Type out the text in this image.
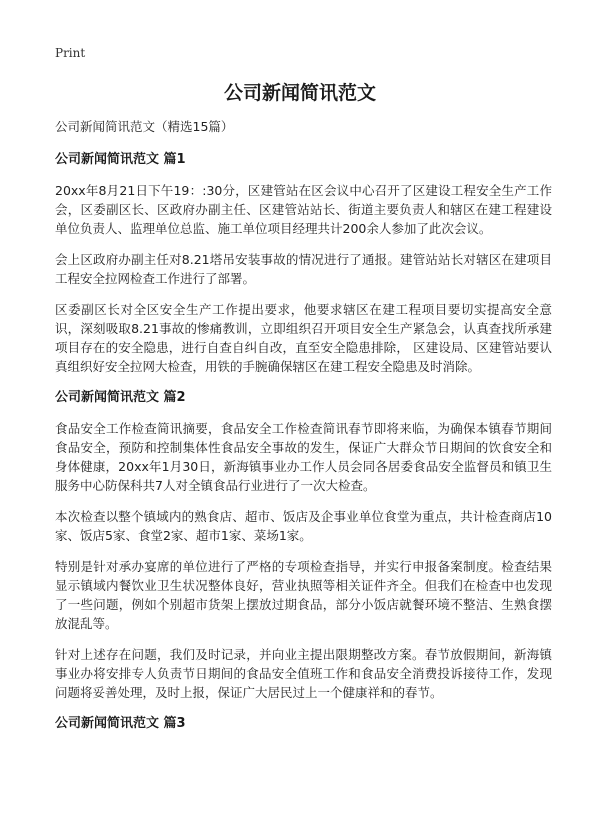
Print
公司新闻简讯范文

公司新闻简讯范文（精选15篇）

公司新闻简讯范文 篇1

20xx年8月21日下午19：:30分，区建管站在区会议中心召开了区建设工程安全生产工作会，区委副区长、区政府办副主任、区建管站站长、街道主要负责人和辖区在建工程建设单位负责人、监理单位总监、施工单位项目经理共计200余人参加了此次会议。

会上区政府办副主任对8.21塔吊安装事故的情况进行了通报。建管站站长对辖区在建项目工程安全拉网检查工作进行了部署。

区委副区长对全区安全生产工作提出要求，他要求辖区在建工程项目要切实提高安全意识，深刻吸取8.21事故的惨痛教训，立即组织召开项目安全生产紧急会，认真查找所承建项目存在的安全隐患，进行自查自纠自改，直至安全隐患排除， 区建设局、区建管站要认真组织好安全拉网大检查，用铁的手腕确保辖区在建工程安全隐患及时消除。

公司新闻简讯范文 篇2

食品安全工作检查简讯摘要，食品安全工作检查简讯春节即将来临，为确保本镇春节期间食品安全，预防和控制集体性食品安全事故的发生，保证广大群众节日期间的饮食安全和身体健康，20xx年1月30日，新海镇事业办工作人员会同各居委食品安全监督员和镇卫生服务中心防保科共7人对全镇食品行业进行了一次大检查。

本次检查以整个镇域内的熟食店、超市、饭店及企事业单位食堂为重点，共计检查商店10家、饭店5家、食堂2家、超市1家、菜场1家。

特别是针对承办宴席的单位进行了严格的专项检查指导，并实行申报备案制度。检查结果显示镇域内餐饮业卫生状况整体良好，营业执照等相关证件齐全。但我们在检查中也发现了一些问题，例如个别超市货架上摆放过期食品，部分小饭店就餐环境不整洁、生熟食摆放混乱等。

针对上述存在问题，我们及时记录，并向业主提出限期整改方案。春节放假期间，新海镇事业办将安排专人负责节日期间的食品安全值班工作和食品安全消费投诉接待工作，发现问题将妥善处理，及时上报，保证广大居民过上一个健康祥和的春节。

公司新闻简讯范文 篇3
